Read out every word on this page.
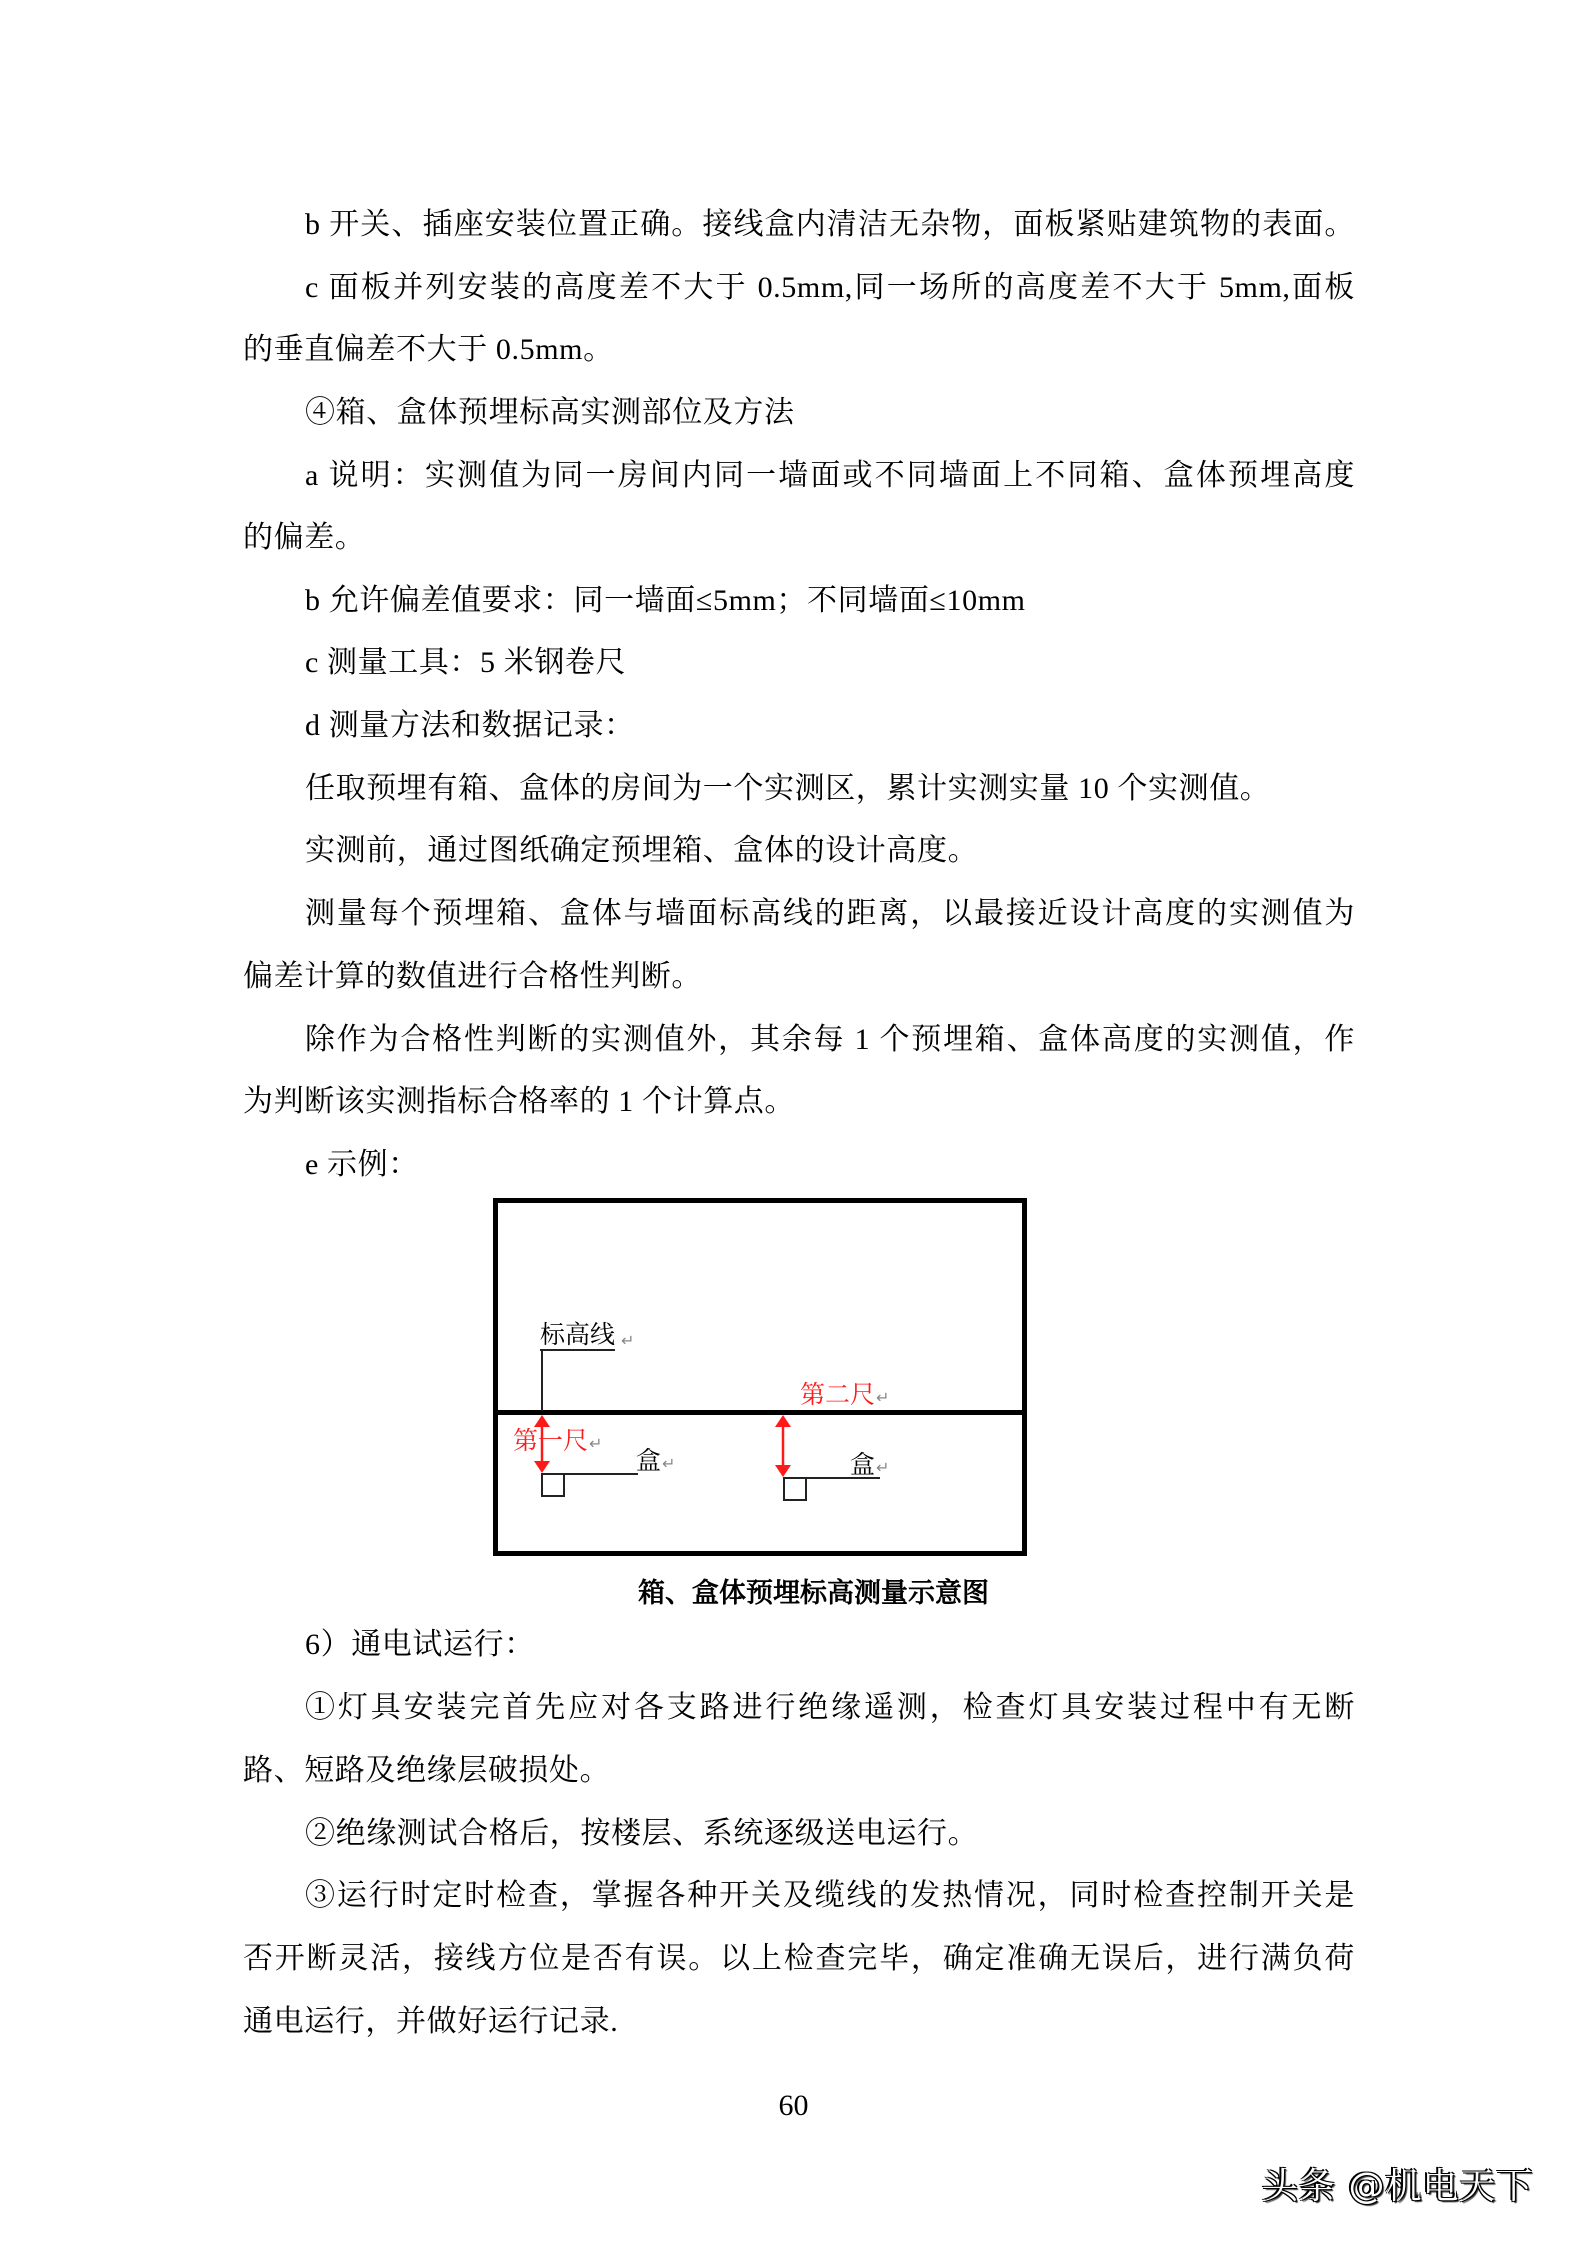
b 开关、插座安装位置正确。接线盒内清洁无杂物，面板紧贴建筑物的表面。
c 面板并列安装的高度差不大于 0.5mm,同一场所的高度差不大于 5mm,面板
的垂直偏差不大于 0.5mm。
④箱、盒体预埋标高实测部位及方法
a 说明：实测值为同一房间内同一墙面或不同墙面上不同箱、盒体预埋高度
的偏差。
b 允许偏差值要求：同一墙面≤5mm；不同墙面≤10mm
c 测量工具：5 米钢卷尺
d 测量方法和数据记录：
任取预埋有箱、盒体的房间为一个实测区，累计实测实量 10 个实测值。
实测前，通过图纸确定预埋箱、盒体的设计高度。
测量每个预埋箱、盒体与墙面标高线的距离，以最接近设计高度的实测值为
偏差计算的数值进行合格性判断。
除作为合格性判断的实测值外，其余每 1 个预埋箱、盒体高度的实测值，作
为判断该实测指标合格率的 1 个计算点。
e 示例：
标高线 ↵
第一尺↵
盒↵
第二尺↵
盒↵
箱、盒体预埋标高测量示意图
6）通电试运行：
①灯具安装完首先应对各支路进行绝缘遥测，检查灯具安装过程中有无断
路、短路及绝缘层破损处。
②绝缘测试合格后，按楼层、系统逐级送电运行。
③运行时定时检查，掌握各种开关及缆线的发热情况，同时检查控制开关是
否开断灵活，接线方位是否有误。以上检查完毕，确定准确无误后，进行满负荷
通电运行，并做好运行记录.
60
头条 @机电天下
